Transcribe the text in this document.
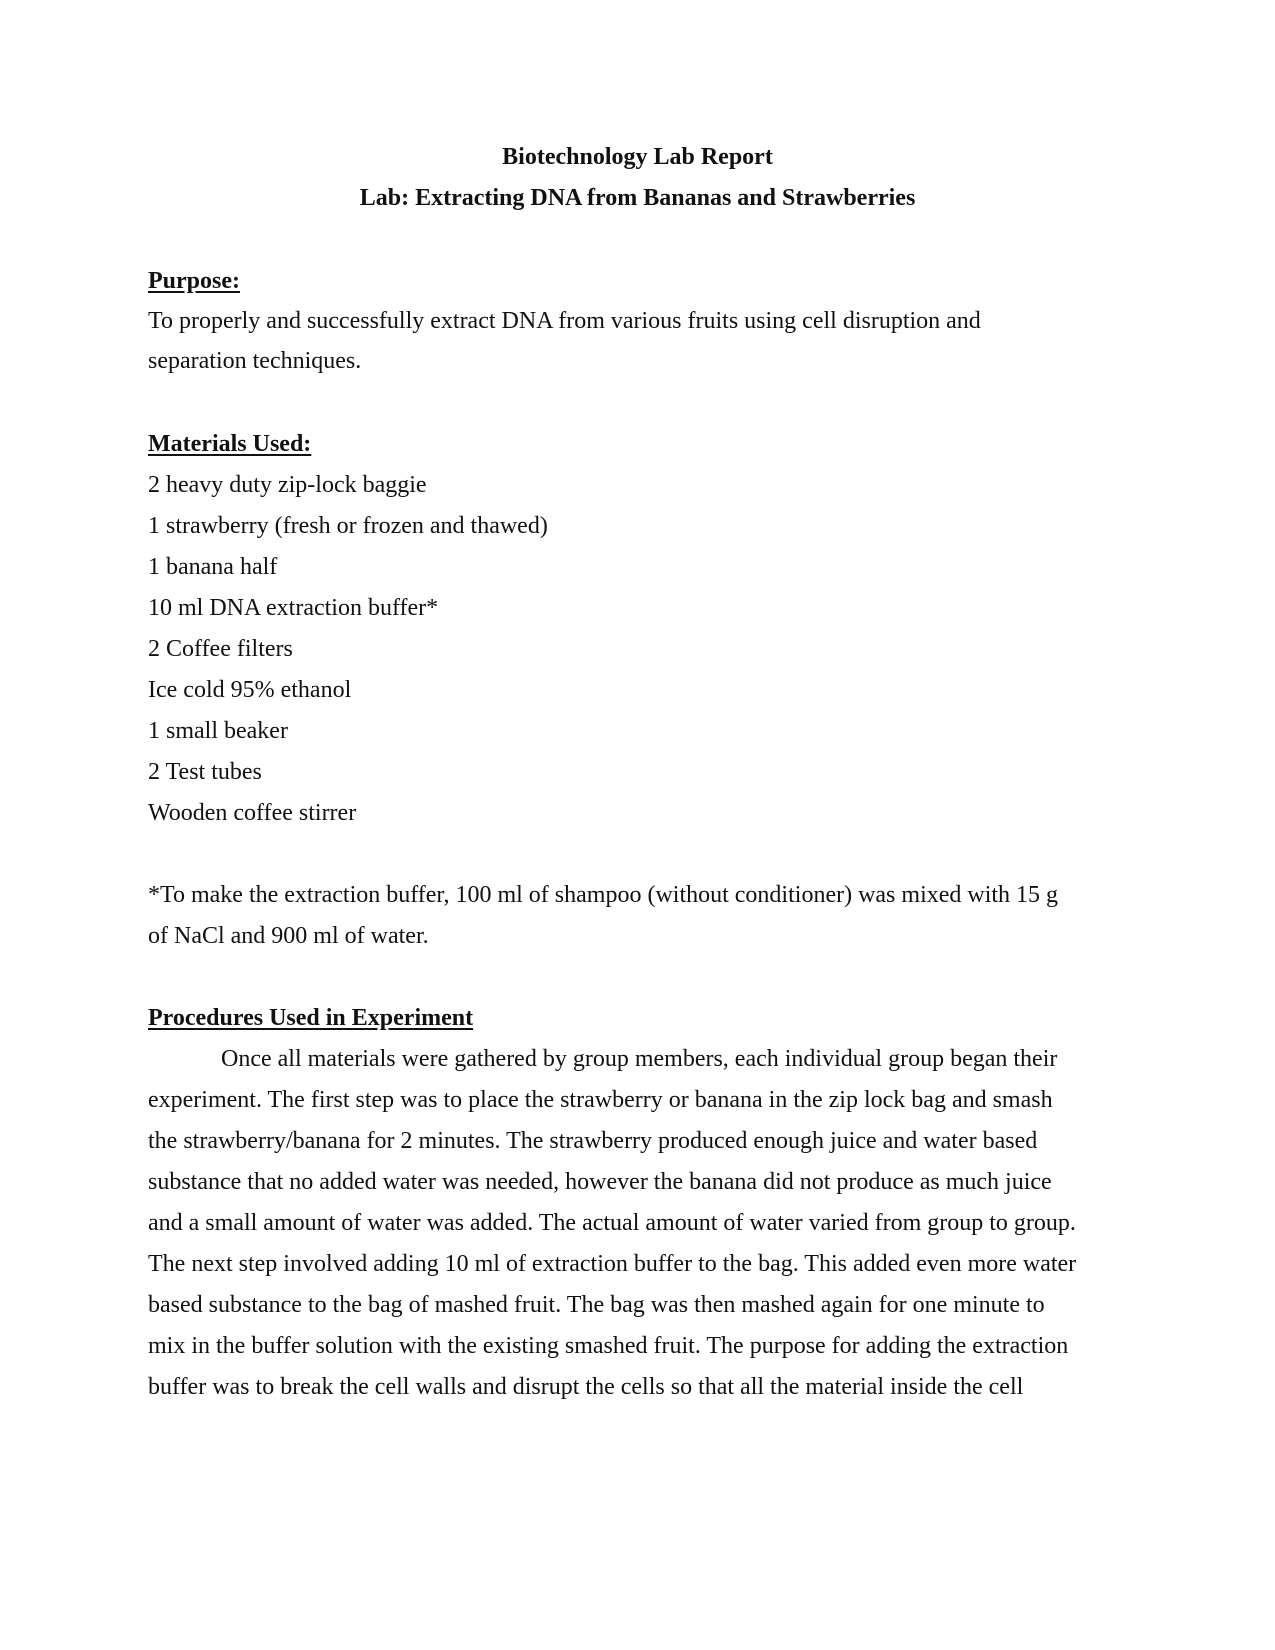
Biotechnology Lab Report
Lab: Extracting DNA from Bananas and Strawberries
Purpose:
To properly and successfully extract DNA from various fruits using cell disruption and
separation techniques.
Materials Used:
2 heavy duty zip-lock baggie
1 strawberry (fresh or frozen and thawed)
1 banana half
10 ml DNA extraction buffer*
2 Coffee filters
Ice cold 95% ethanol
1 small beaker
2 Test tubes
Wooden coffee stirrer
*To make the extraction buffer, 100 ml of shampoo (without conditioner) was mixed with 15 g
of NaCl and 900 ml of water.
Procedures Used in Experiment
Once all materials were gathered by group members, each individual group began their
experiment. The first step was to place the strawberry or banana in the zip lock bag and smash
the strawberry/banana for 2 minutes. The strawberry produced enough juice and water based
substance that no added water was needed, however the banana did not produce as much juice
and a small amount of water was added. The actual amount of water varied from group to group.
The next step involved adding 10 ml of extraction buffer to the bag. This added even more water
based substance to the bag of mashed fruit. The bag was then mashed again for one minute to
mix in the buffer solution with the existing smashed fruit. The purpose for adding the extraction
buffer was to break the cell walls and disrupt the cells so that all the material inside the cell
